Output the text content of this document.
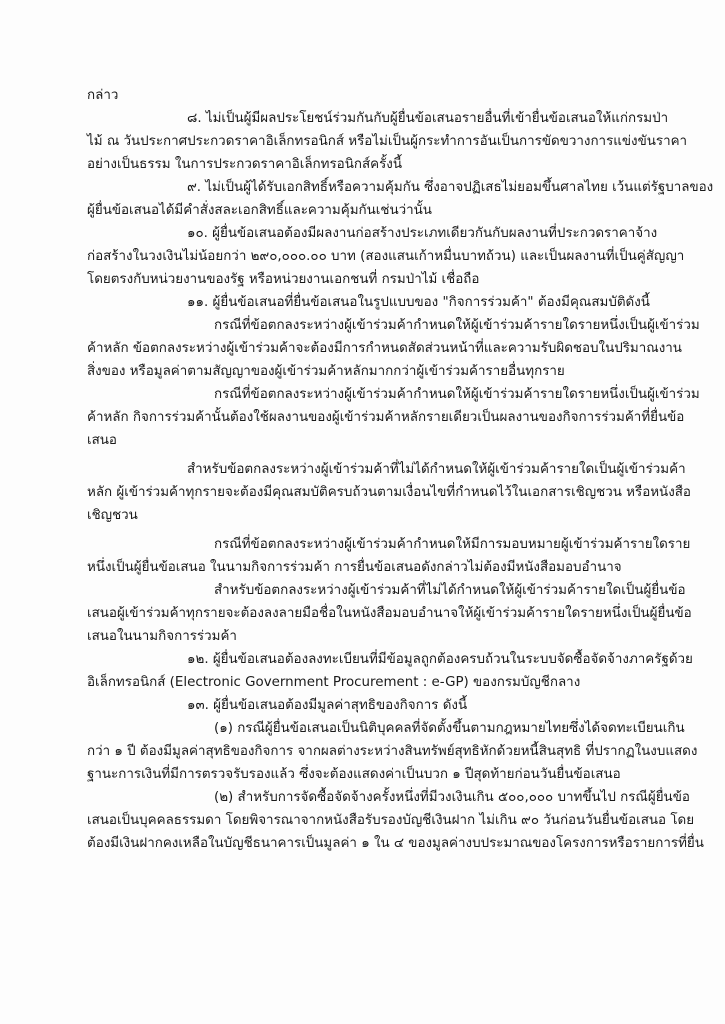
กล่าว
๘. ไม่เป็นผู้มีผลประโยชน์ร่วมกันกับผู้ยื่นข้อเสนอรายอื่นที่เข้ายื่นข้อเสนอให้แก่กรมป่า
ไม้ ณ วันประกาศประกวดราคาอิเล็กทรอนิกส์ หรือไม่เป็นผู้กระทำการอันเป็นการขัดขวางการแข่งขันราคา
อย่างเป็นธรรม ในการประกวดราคาอิเล็กทรอนิกส์ครั้งนี้
๙. ไม่เป็นผู้ได้รับเอกสิทธิ์หรือความคุ้มกัน ซึ่งอาจปฏิเสธไม่ยอมขึ้นศาลไทย เว้นแต่รัฐบาลของ
ผู้ยื่นข้อเสนอได้มีคำสั่งสละเอกสิทธิ์และความคุ้มกันเช่นว่านั้น
๑๐. ผู้ยื่นข้อเสนอต้องมีผลงานก่อสร้างประเภทเดียวกันกับผลงานที่ประกวดราคาจ้าง
ก่อสร้างในวงเงินไม่น้อยกว่า ๒๙๐,๐๐๐.๐๐ บาท (สองแสนเก้าหมื่นบาทถ้วน) และเป็นผลงานที่เป็นคู่สัญญา
โดยตรงกับหน่วยงานของรัฐ หรือหน่วยงานเอกชนที่ กรมป่าไม้ เชื่อถือ
๑๑. ผู้ยื่นข้อเสนอที่ยื่นข้อเสนอในรูปแบบของ "กิจการร่วมค้า" ต้องมีคุณสมบัติดังนี้
กรณีที่ข้อตกลงระหว่างผู้เข้าร่วมค้ากำหนดให้ผู้เข้าร่วมค้ารายใดรายหนึ่งเป็นผู้เข้าร่วม
ค้าหลัก ข้อตกลงระหว่างผู้เข้าร่วมค้าจะต้องมีการกำหนดสัดส่วนหน้าที่และความรับผิดชอบในปริมาณงาน
สิ่งของ หรือมูลค่าตามสัญญาของผู้เข้าร่วมค้าหลักมากกว่าผู้เข้าร่วมค้ารายอื่นทุกราย
กรณีที่ข้อตกลงระหว่างผู้เข้าร่วมค้ากำหนดให้ผู้เข้าร่วมค้ารายใดรายหนึ่งเป็นผู้เข้าร่วม
ค้าหลัก กิจการร่วมค้านั้นต้องใช้ผลงานของผู้เข้าร่วมค้าหลักรายเดียวเป็นผลงานของกิจการร่วมค้าที่ยื่นข้อ
เสนอ
สำหรับข้อตกลงระหว่างผู้เข้าร่วมค้าที่ไม่ได้กำหนดให้ผู้เข้าร่วมค้ารายใดเป็นผู้เข้าร่วมค้า
หลัก ผู้เข้าร่วมค้าทุกรายจะต้องมีคุณสมบัติครบถ้วนตามเงื่อนไขที่กำหนดไว้ในเอกสารเชิญชวน หรือหนังสือ
เชิญชวน
กรณีที่ข้อตกลงระหว่างผู้เข้าร่วมค้ากำหนดให้มีการมอบหมายผู้เข้าร่วมค้ารายใดราย
หนึ่งเป็นผู้ยื่นข้อเสนอ ในนามกิจการร่วมค้า การยื่นข้อเสนอดังกล่าวไม่ต้องมีหนังสือมอบอำนาจ
สำหรับข้อตกลงระหว่างผู้เข้าร่วมค้าที่ไม่ได้กำหนดให้ผู้เข้าร่วมค้ารายใดเป็นผู้ยื่นข้อ
เสนอผู้เข้าร่วมค้าทุกรายจะต้องลงลายมือชื่อในหนังสือมอบอำนาจให้ผู้เข้าร่วมค้ารายใดรายหนึ่งเป็นผู้ยื่นข้อ
เสนอในนามกิจการร่วมค้า
๑๒. ผู้ยื่นข้อเสนอต้องลงทะเบียนที่มีข้อมูลถูกต้องครบถ้วนในระบบจัดซื้อจัดจ้างภาครัฐด้วย
อิเล็กทรอนิกส์ (Electronic Government Procurement : e-GP) ของกรมบัญชีกลาง
๑๓. ผู้ยื่นข้อเสนอต้องมีมูลค่าสุทธิของกิจการ ดังนี้
(๑) กรณีผู้ยื่นข้อเสนอเป็นนิติบุคคลที่จัดตั้งขึ้นตามกฎหมายไทยซึ่งได้จดทะเบียนเกิน
กว่า ๑ ปี ต้องมีมูลค่าสุทธิของกิจการ จากผลต่างระหว่างสินทรัพย์สุทธิหักด้วยหนี้สินสุทธิ ที่ปรากฏในงบแสดง
ฐานะการเงินที่มีการตรวจรับรองแล้ว ซึ่งจะต้องแสดงค่าเป็นบวก ๑ ปีสุดท้ายก่อนวันยื่นข้อเสนอ
(๒) สำหรับการจัดซื้อจัดจ้างครั้งหนึ่งที่มีวงเงินเกิน ๕๐๐,๐๐๐ บาทขึ้นไป กรณีผู้ยื่นข้อ
เสนอเป็นบุคคลธรรมดา โดยพิจารณาจากหนังสือรับรองบัญชีเงินฝาก ไม่เกิน ๙๐ วันก่อนวันยื่นข้อเสนอ โดย
ต้องมีเงินฝากคงเหลือในบัญชีธนาคารเป็นมูลค่า ๑ ใน ๔ ของมูลค่างบประมาณของโครงการหรือรายการที่ยื่น
